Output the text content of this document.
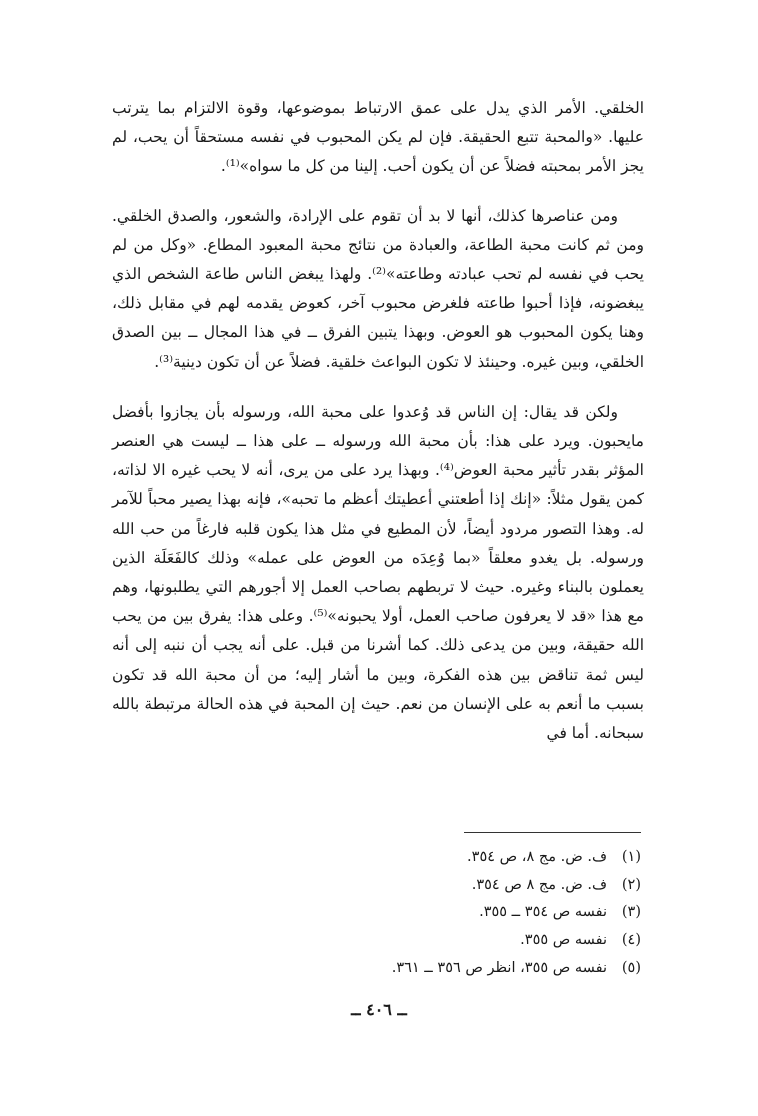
الخلقي. الأمر الذي يدل على عمق الارتباط بموضوعها، وقوة الالتزام بما يترتب عليها. «والمحبة تتبع الحقيقة. فإن لم يكن المحبوب في نفسه مستحقاً أن يحب، لم يجز الأمر بمحبته فضلاً عن أن يكون أحب. إلينا من كل ما سواه»⁽¹⁾.

ومن عناصرها كذلك، أنها لا بد أن تقوم على الإرادة، والشعور، والصدق الخلقي. ومن ثم كانت محبة الطاعة، والعبادة من نتائج محبة المعبود المطاع. «وكل من لم يحب في نفسه لم تحب عبادته وطاعته»⁽²⁾. ولهذا يبغض الناس طاعة الشخص الذي يبغضونه، فإذا أحبوا طاعته فلغرض محبوب آخر، كعوض يقدمه لهم في مقابل ذلك، وهنا يكون المحبوب هو العوض. وبهذا يتبين الفرق ــ في هذا المجال ــ بين الصدق الخلقي، وبين غيره. وحينئذ لا تكون البواعث خلقية. فضلاً عن أن تكون دينية⁽³⁾.

ولكن قد يقال: إن الناس قد وُعدوا على محبة الله، ورسوله بأن يجازوا بأفضل مايحبون. ويرد على هذا: بأن محبة الله ورسوله ــ على هذا ــ ليست هي العنصر المؤثر بقدر تأثير محبة العوض⁽⁴⁾. وبهذا يرد على من يرى، أنه لا يحب غيره الا لذاته، كمن يقول مثلاً: «إنك إذا أطعتني أعطيتك أعظم ما تحبه»، فإنه بهذا يصير محباً للآمر له. وهذا التصور مردود أيضاً، لأن المطيع في مثل هذا يكون قلبه فارغاً من حب الله ورسوله. بل يغدو معلقاً «بما وُعِدَه من العوض على عمله» وذلك كالفَعَلَة الذين يعملون بالبناء وغيره. حيث لا تربطهم بصاحب العمل إلا أجورهم التي يطلبونها، وهم مع هذا «قد لا يعرفون صاحب العمل، أولا يحبونه»⁽⁵⁾. وعلى هذا: يفرق بين من يحب الله حقيقة، وبين من يدعى ذلك. كما أشرنا من قبل. على أنه يجب أن ننبه إلى أنه ليس ثمة تناقض بين هذه الفكرة، وبين ما أشار إليه؛ من أن محبة الله قد تكون بسبب ما أنعم به على الإنسان من نعم. حيث إن المحبة في هذه الحالة مرتبطة بالله سبحانه. أما في

(١)
ف. ض. مج ٨، ص ٣٥٤.
(٢)
ف. ض. مج ٨ ص ٣٥٤.
(٣)
نفسه ص ٣٥٤ ــ ٣٥٥.
(٤)
نفسه ص ٣٥٥.
(٥)
نفسه ص ٣٥٥، انظر ص ٣٥٦ ــ ٣٦١.
ــ ٤٠٦ ــ
